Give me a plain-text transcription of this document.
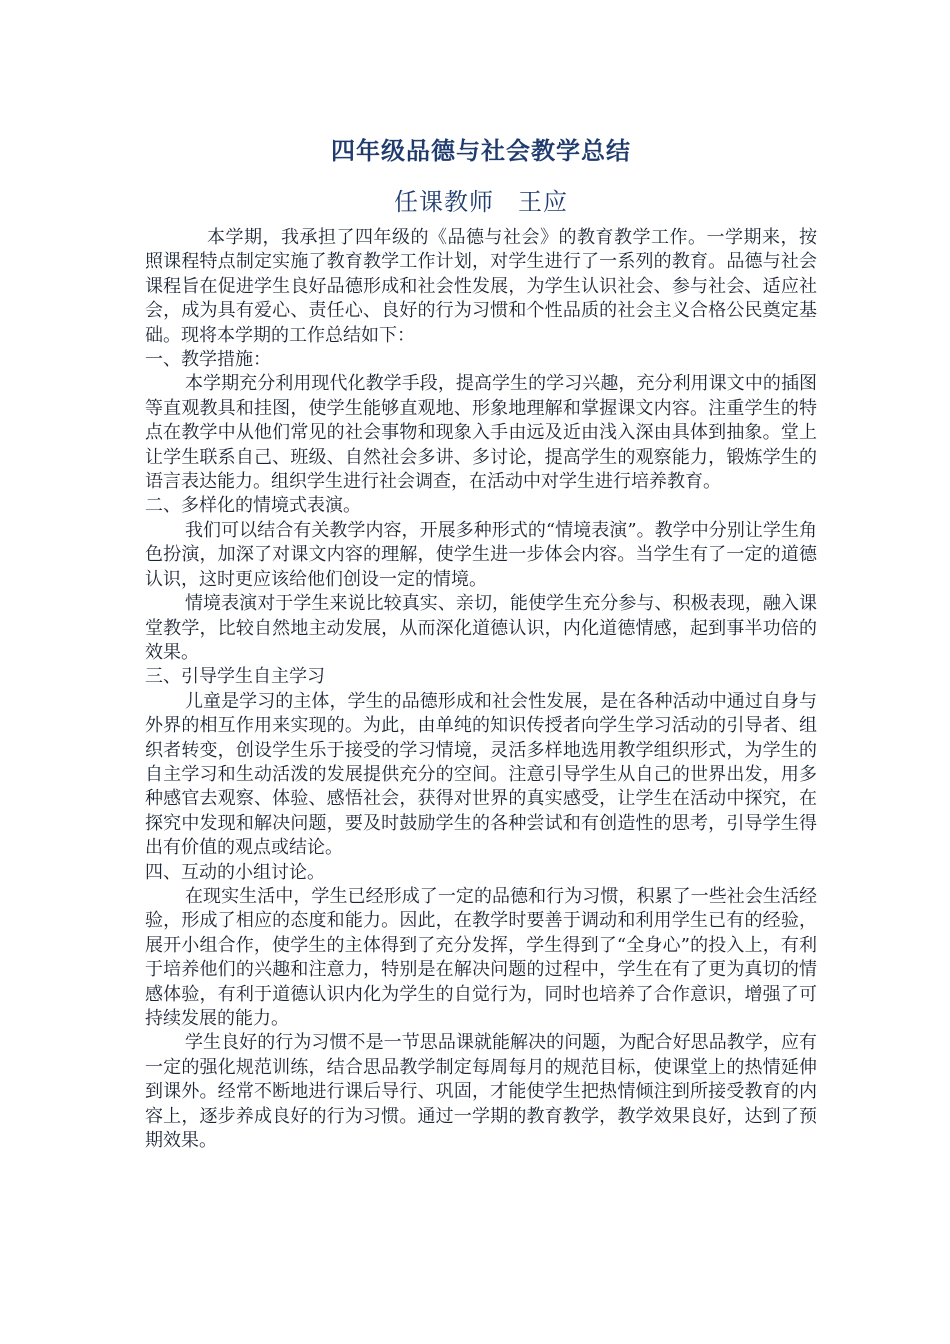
四年级品德与社会教学总结
任课教师 王应

本学期，我承担了四年级的《品德与社会》的教育教学工作。一学期来，按照课程特点制定实施了教育教学工作计划，对学生进行了一系列的教育。品德与社会课程旨在促进学生良好品德形成和社会性发展，为学生认识社会、参与社会、适应社会，成为具有爱心、责任心、良好的行为习惯和个性品质的社会主义合格公民奠定基础。现将本学期的工作总结如下：

一、教学措施：

本学期充分利用现代化教学手段，提高学生的学习兴趣，充分利用课文中的插图等直观教具和挂图，使学生能够直观地、形象地理解和掌握课文内容。注重学生的特点在教学中从他们常见的社会事物和现象入手由远及近由浅入深由具体到抽象。堂上让学生联系自己、班级、自然社会多讲、多讨论，提高学生的观察能力，锻炼学生的语言表达能力。组织学生进行社会调查，在活动中对学生进行培养教育。

二、多样化的情境式表演。

我们可以结合有关教学内容，开展多种形式的“情境表演”。教学中分别让学生角色扮演，加深了对课文内容的理解，使学生进一步体会内容。当学生有了一定的道德认识，这时更应该给他们创设一定的情境。

情境表演对于学生来说比较真实、亲切，能使学生充分参与、积极表现，融入课堂教学，比较自然地主动发展，从而深化道德认识，内化道德情感，起到事半功倍的效果。

三、引导学生自主学习

儿童是学习的主体，学生的品德形成和社会性发展，是在各种活动中通过自身与外界的相互作用来实现的。为此，由单纯的知识传授者向学生学习活动的引导者、组织者转变，创设学生乐于接受的学习情境，灵活多样地选用教学组织形式，为学生的自主学习和生动活泼的发展提供充分的空间。注意引导学生从自己的世界出发，用多种感官去观察、体验、感悟社会，获得对世界的真实感受，让学生在活动中探究，在探究中发现和解决问题，要及时鼓励学生的各种尝试和有创造性的思考，引导学生得出有价值的观点或结论。

四、互动的小组讨论。

在现实生活中，学生已经形成了一定的品德和行为习惯，积累了一些社会生活经验，形成了相应的态度和能力。因此，在教学时要善于调动和利用学生已有的经验，展开小组合作，使学生的主体得到了充分发挥，学生得到了“全身心”的投入上，有利于培养他们的兴趣和注意力，特别是在解决问题的过程中，学生在有了更为真切的情感体验，有利于道德认识内化为学生的自觉行为，同时也培养了合作意识，增强了可持续发展的能力。

学生良好的行为习惯不是一节思品课就能解决的问题，为配合好思品教学，应有一定的强化规范训练，结合思品教学制定每周每月的规范目标，使课堂上的热情延伸到课外。经常不断地进行课后导行、巩固，才能使学生把热情倾注到所接受教育的内容上，逐步养成良好的行为习惯。通过一学期的教育教学，教学效果良好，达到了预期效果。
